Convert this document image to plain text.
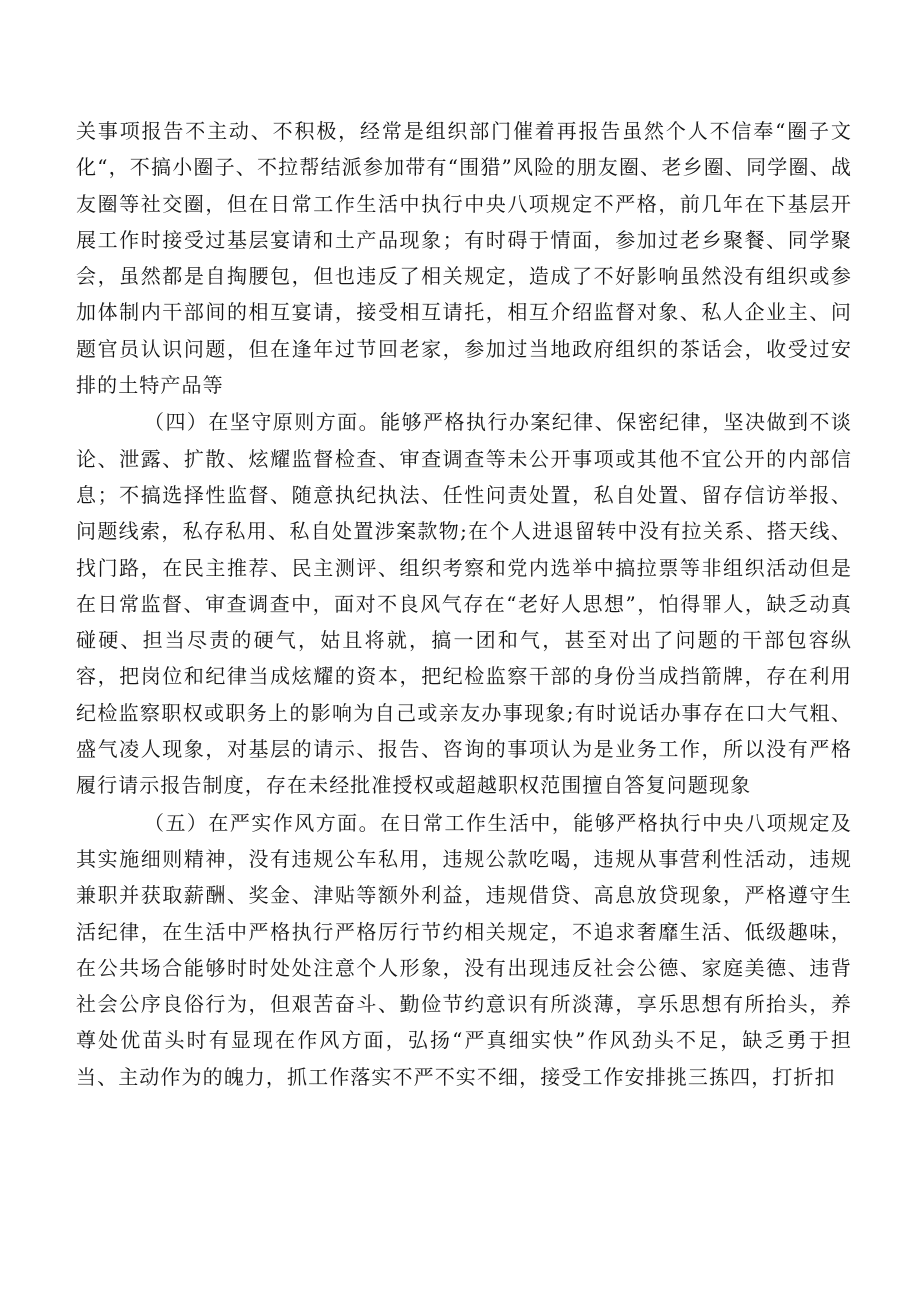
关事项报告不主动、不积极，经常是组织部门催着再报告虽然个人不信奉“圈子文化“，不搞小圈子、不拉帮结派参加带有“围猎”风险的朋友圈、老乡圈、同学圈、战友圈等社交圈，但在日常工作生活中执行中央八项规定不严格，前几年在下基层开展工作时接受过基层宴请和土产品现象；有时碍于情面，参加过老乡聚餐、同学聚会，虽然都是自掏腰包，但也违反了相关规定，造成了不好影响虽然没有组织或参加体制内干部间的相互宴请，接受相互请托，相互介绍监督对象、私人企业主、问题官员认识问题，但在逢年过节回老家，参加过当地政府组织的茶话会，收受过安排的土特产品等

（四）在坚守原则方面。能够严格执行办案纪律、保密纪律，坚决做到不谈论、泄露、扩散、炫耀监督检查、审查调查等未公开事项或其他不宜公开的内部信息；不搞选择性监督、随意执纪执法、任性问责处置，私自处置、留存信访举报、问题线索，私存私用、私自处置涉案款物;在个人进退留转中没有拉关系、搭天线、找门路，在民主推荐、民主测评、组织考察和党内选举中搞拉票等非组织活动但是在日常监督、审查调查中，面对不良风气存在“老好人思想”，怕得罪人，缺乏动真碰硬、担当尽责的硬气，姑且将就，搞一团和气，甚至对出了问题的干部包容纵容，把岗位和纪律当成炫耀的资本，把纪检监察干部的身份当成挡箭牌，存在利用纪检监察职权或职务上的影响为自己或亲友办事现象;有时说话办事存在口大气粗、盛气凌人现象，对基层的请示、报告、咨询的事项认为是业务工作，所以没有严格履行请示报告制度，存在未经批准授权或超越职权范围擅自答复问题现象

（五）在严实作风方面。在日常工作生活中，能够严格执行中央八项规定及其实施细则精神，没有违规公车私用，违规公款吃喝，违规从事营利性活动，违规兼职并获取薪酬、奖金、津贴等额外利益，违规借贷、高息放贷现象，严格遵守生活纪律，在生活中严格执行严格厉行节约相关规定，不追求奢靡生活、低级趣味，在公共场合能够时时处处注意个人形象，没有出现违反社会公德、家庭美德、违背社会公序良俗行为，但艰苦奋斗、勤俭节约意识有所淡薄，享乐思想有所抬头，养尊处优苗头时有显现在作风方面，弘扬“严真细实快”作风劲头不足，缺乏勇于担当、主动作为的魄力，抓工作落实不严不实不细，接受工作安排挑三拣四，打折扣
